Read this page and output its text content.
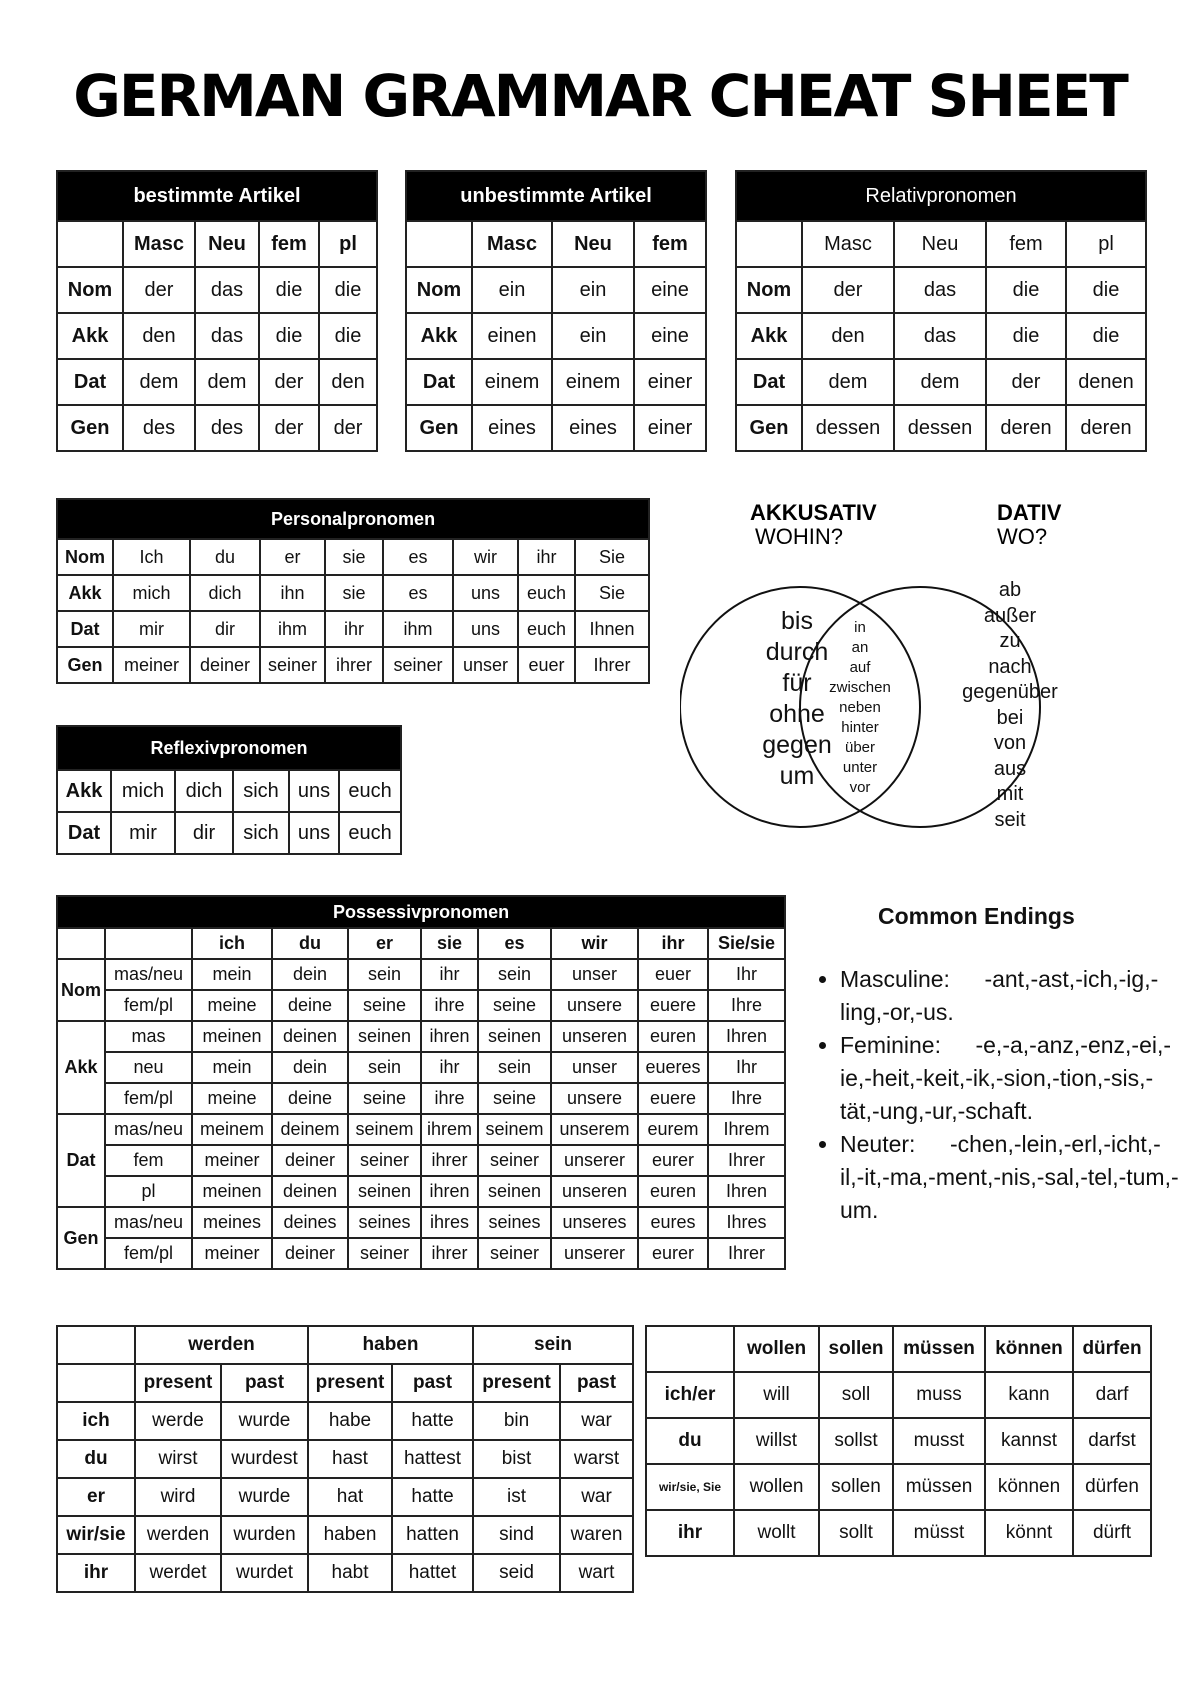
GERMAN GRAMMAR CHEAT SHEET
bestimmte Artikel				
	Masc	Neu	fem	pl
Nom	der	das	die	die
Akk	den	das	die	die
Dat	dem	dem	der	den
Gen	des	des	der	der
unbestimmte Artikel			
	Masc	Neu	fem
Nom	ein	ein	eine
Akk	einen	ein	eine
Dat	einem	einem	einer
Gen	eines	eines	einer
Relativpronomen				
	Masc	Neu	fem	pl
Nom	der	das	die	die
Akk	den	das	die	die
Dat	dem	dem	der	denen
Gen	dessen	dessen	deren	deren
Personalpronomen								
Nom	Ich	du	er	sie	es	wir	ihr	Sie
Akk	mich	dich	ihn	sie	es	uns	euch	Sie
Dat	mir	dir	ihm	ihr	ihm	uns	euch	Ihnen
Gen	meiner	deiner	seiner	ihrer	seiner	unser	euer	Ihrer
Reflexivpronomen					
Akk	mich	dich	sich	uns	euch
Dat	mir	dir	sich	uns	euch
AKKUSATIV
WOHIN?
DATIV
WO?
bis
durch
für
ohne
gegen
um
in
an
auf
zwischen
neben
hinter
über
unter
vor
ab
außer
zu
nach
gegenüber
bei
von
aus
mit
seit
Possessivpronomen									
		ich	du	er	sie	es	wir	ihr	Sie/sie
Nom	mas/neu	mein	dein	sein	ihr	sein	unser	euer	Ihr
	fem/pl	meine	deine	seine	ihre	seine	unsere	euere	Ihre
Akk	mas	meinen	deinen	seinen	ihren	seinen	unseren	euren	Ihren
	neu	mein	dein	sein	ihr	sein	unser	eueres	Ihr
	fem/pl	meine	deine	seine	ihre	seine	unsere	euere	Ihre
Dat	mas/neu	meinem	deinem	seinem	ihrem	seinem	unserem	eurem	Ihrem
	fem	meiner	deiner	seiner	ihrer	seiner	unserer	eurer	Ihrer
	pl	meinen	deinen	seinen	ihren	seinen	unseren	euren	Ihren
Gen	mas/neu	meines	deines	seines	ihres	seines	unseres	eures	Ihres
	fem/pl	meiner	deiner	seiner	ihrer	seiner	unserer	eurer	Ihrer
Common Endings
• Masculine:   -ant,-ast,-ich,-ig,-ling,-or,-us.
• Feminine:   -e,-a,-anz,-enz,-ei,-ie,-heit,-keit,-ik,-sion,-tion,-sis,-tät,-ung,-ur,-schaft.
• Neuter:   -chen,-lein,-erl,-icht,-il,-it,-ma,-ment,-nis,-sal,-tel,-tum,-um.
	werden		haben		sein	
	present	past	present	past	present	past
ich	werde	wurde	habe	hatte	bin	war
du	wirst	wurdest	hast	hattest	bist	warst
er	wird	wurde	hat	hatte	ist	war
wir/sie	werden	wurden	haben	hatten	sind	waren
ihr	werdet	wurdet	habt	hattet	seid	wart
	wollen	sollen	müssen	können	dürfen
ich/er	will	soll	muss	kann	darf
du	willst	sollst	musst	kannst	darfst
wir/sie, Sie	wollen	sollen	müssen	können	dürfen
ihr	wollt	sollt	müsst	könnt	dürft
